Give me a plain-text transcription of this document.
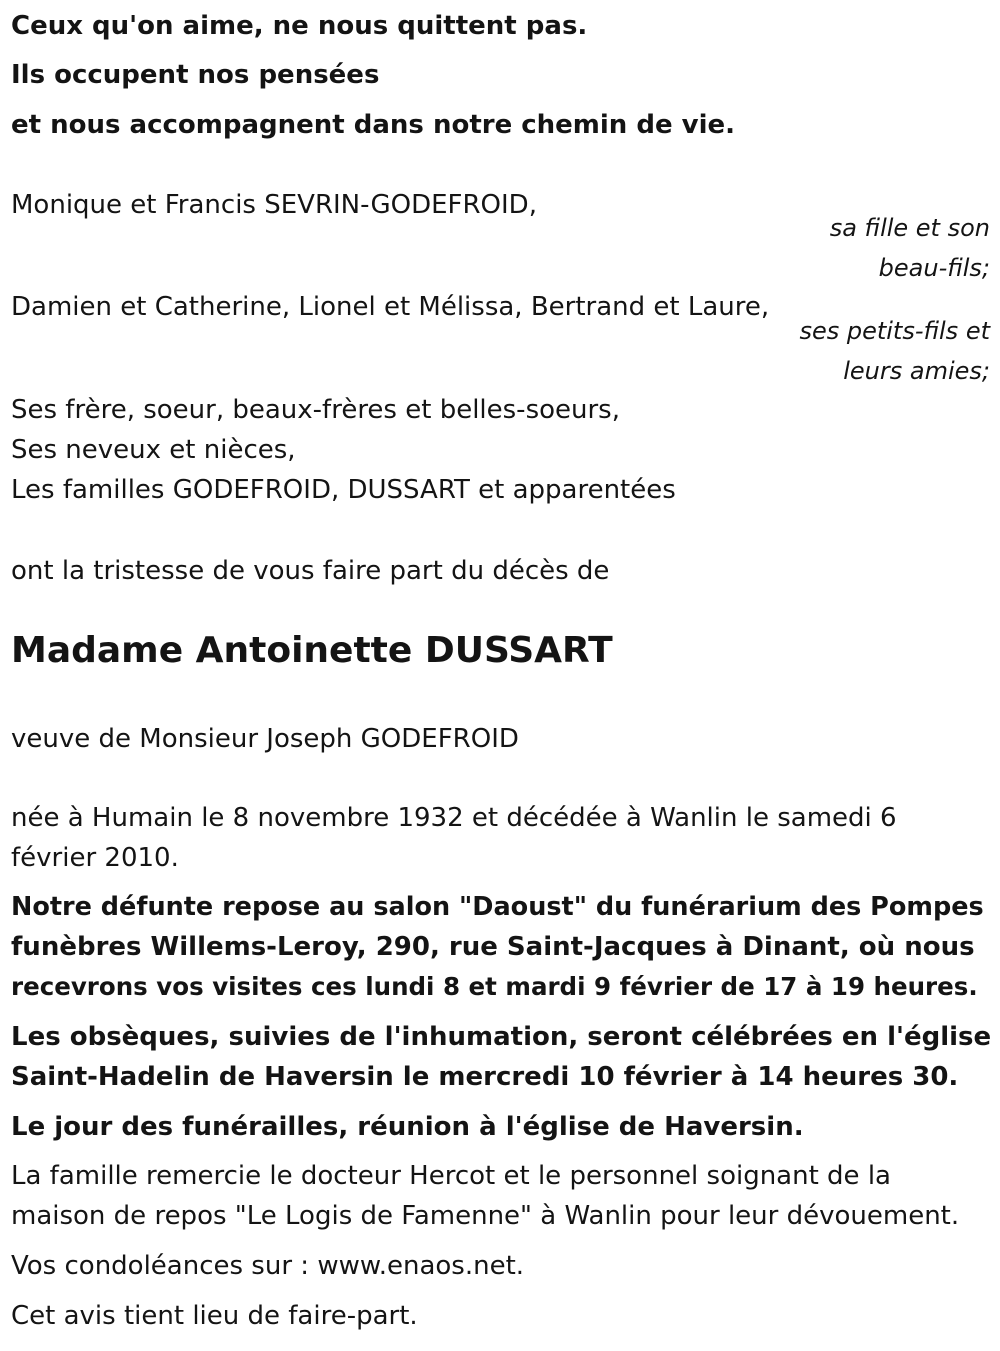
Ceux qu'on aime, ne nous quittent pas.
Ils occupent nos pensées
et nous accompagnent dans notre chemin de vie.
Monique et Francis SEVRIN-GODEFROID,
sa fille et son
beau-fils;
Damien et Catherine, Lionel et Mélissa, Bertrand et Laure,
ses petits-fils et
leurs amies;
Ses frère, soeur, beaux-frères et belles-soeurs,
Ses neveux et nièces,
Les familles GODEFROID, DUSSART et apparentées
ont la tristesse de vous faire part du décès de
Madame Antoinette DUSSART
veuve de Monsieur Joseph GODEFROID
née à Humain le 8 novembre 1932 et décédée à Wanlin le samedi 6
février 2010.
Notre défunte repose au salon "Daoust" du funérarium des Pompes
funèbres Willems-Leroy, 290, rue Saint-Jacques à Dinant, où nous
recevrons vos visites ces lundi 8 et mardi 9 février de 17 à 19 heures.
Les obsèques, suivies de l'inhumation, seront célébrées en l'église
Saint-Hadelin de Haversin le mercredi 10 février à 14 heures 30.
Le jour des funérailles, réunion à l'église de Haversin.
La famille remercie le docteur Hercot et le personnel soignant de la
maison de repos "Le Logis de Famenne" à Wanlin pour leur dévouement.
Vos condoléances sur : www.enaos.net.
Cet avis tient lieu de faire-part.
